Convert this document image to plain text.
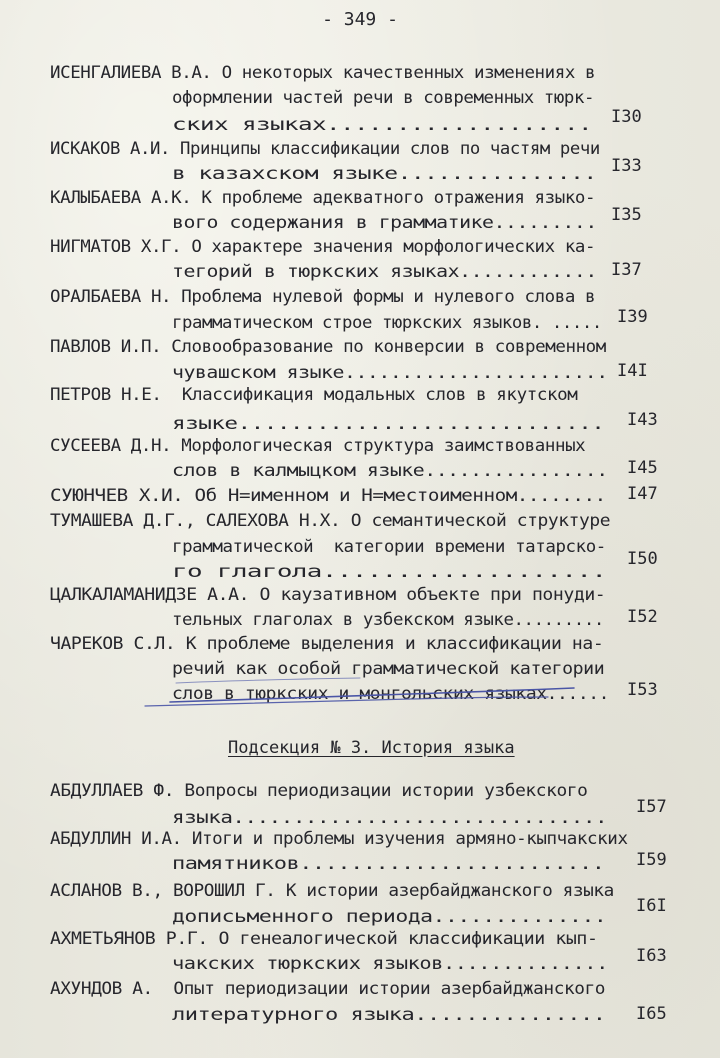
- 349 -
ИСЕНГАЛИЕВА В.А. О некоторых качественных изменениях в
оформлении частей речи в современных тюрк-
ских языках................... I30
ИСКАКОВ А.И. Принципы классификации слов по частям речи
в казахском языке............... I33
КАЛЫБАЕВА А.К. К проблеме адекватного отражения языко-
вого содержания в грамматике......... I35
НИГМАТОВ Х.Г. О характере значения морфологических ка-
тегорий в тюркских языках............ I37
ОРАЛБАЕВА Н. Проблема нулевой формы и нулевого слова в
грамматическом строе тюркских языков. ..... I39
ПАВЛОВ И.П. Словообразование по конверсии в современном
чувашском языке....................... I4I
ПЕТРОВ Н.Е.  Классификация модальных слов в якутском
языке............................ I43
СУСЕЕВА Д.Н. Морфологическая структура заимствованных
слов в калмыцком языке................ I45
СУЮНЧЕВ Х.И. Об Н=именном и Н=местоименном........ I47
ТУМАШЕВА Д.Г., САЛЕХОВА Н.Х. О семантической структуре
грамматической  категории времени татарско-
го глагола...................
I50
ЦАЛКАЛАМАНИДЗЕ А.А. О каузативном объекте при понуди-
тельных глаголах в узбекском языке......... I52
ЧАРЕКОВ С.Л. К проблеме выделения и классификации на-
речий как особой грамматической категории
слов в тюркских и монгольских языках...... I53
Подсекция № 3. История языка
АБДУЛЛАЕВ Ф. Вопросы периодизации истории узбекского
языка...............................
I57
АБДУЛЛИН И.А. Итоги и проблемы изучения армяно-кыпчакских
памятников........................ I59
АСЛАНОВ В., ВОРОШИЛ Г. К истории азербайджанского языка
дописьменного периода..............
I6I
АХМЕТЬЯНОВ Р.Г. О генеалогической классификации кып-
чакских тюркских языков.............. I63
АХУНДОВ А.  Опыт периодизации истории азербайджанского
литературного языка............... I65
